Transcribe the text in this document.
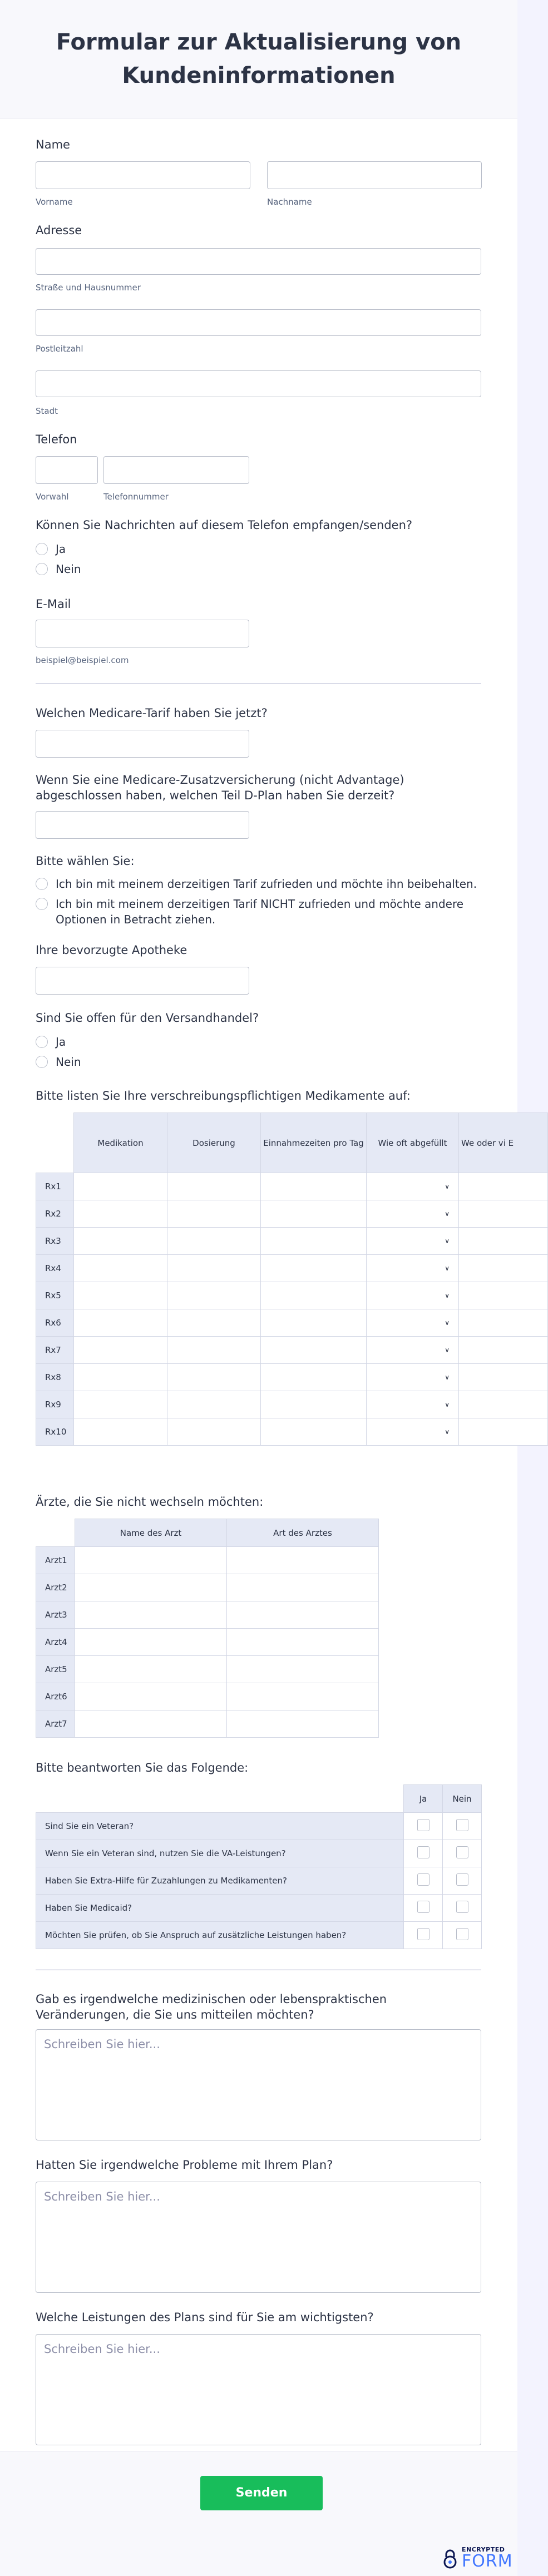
Formular zur Aktualisierung von Kundeninformationen
Name
Vorname	Nachname
Adresse
Straße und Hausnummer
Postleitzahl
Stadt
Telefon
Vorwahl	Telefonnummer
Können Sie Nachrichten auf diesem Telefon empfangen/senden?
Ja
Nein
E-Mail
beispiel@beispiel.com
Welchen Medicare-Tarif haben Sie jetzt?
Wenn Sie eine Medicare-Zusatzversicherung (nicht Advantage) abgeschlossen haben, welchen Teil D-Plan haben Sie derzeit?
Bitte wählen Sie:
Ich bin mit meinem derzeitigen Tarif zufrieden und möchte ihn beibehalten.
Ich bin mit meinem derzeitigen Tarif NICHT zufrieden und möchte andere Optionen in Betracht ziehen.
Ihre bevorzugte Apotheke
Sind Sie offen für den Versandhandel?
Ja
Nein
Bitte listen Sie Ihre verschreibungspflichtigen Medikamente auf:
	Medikation	Dosierung	Einnahmezeiten pro Tag	Wie oft abgefüllt	We oder vi E
Rx1				∨	

Rx2				∨	

Rx3				∨	

Rx4				∨	

Rx5				∨	

Rx6				∨	

Rx7				∨	

Rx8				∨	

Rx9				∨	

Rx10				∨	

Ärzte, die Sie nicht wechseln möchten:
	Name des Arzt	Art des Arztes
Arzt1		
Arzt2		
Arzt3		
Arzt4		
Arzt5		
Arzt6		
Arzt7		
Bitte beantworten Sie das Folgende:
	Ja	Nein
Sind Sie ein Veteran?		
Wenn Sie ein Veteran sind, nutzen Sie die VA-Leistungen?		
Haben Sie Extra-Hilfe für Zuzahlungen zu Medikamenten?		
Haben Sie Medicaid?		
Möchten Sie prüfen, ob Sie Anspruch auf zusätzliche Leistungen haben?		
Gab es irgendwelche medizinischen oder lebenspraktischen Veränderungen, die Sie uns mitteilen möchten?
Schreiben Sie hier...
Hatten Sie irgendwelche Probleme mit Ihrem Plan?
Schreiben Sie hier...
Welche Leistungen des Plans sind für Sie am wichtigsten?
Schreiben Sie hier...
Senden
ENCRYPTED
FORM
